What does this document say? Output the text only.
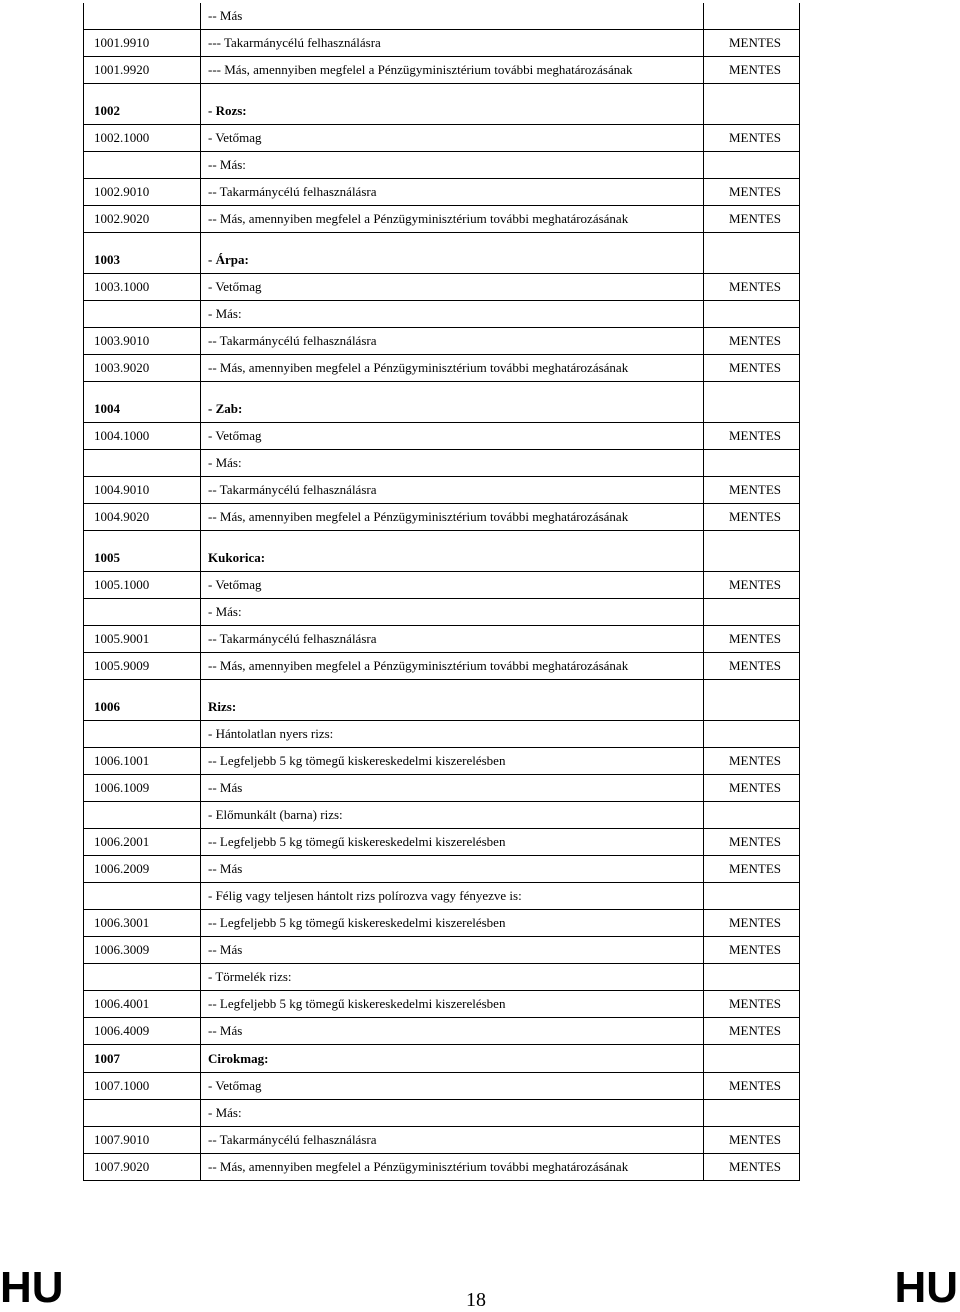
	-- Más	
1001.9910	--- Takarmánycélú felhasználásra	MENTES
1001.9920	--- Más, amennyiben megfelel a Pénzügyminisztérium további meghatározásának	MENTES
1002	- Rozs:	
1002.1000	- Vetőmag	MENTES
	-- Más:	
1002.9010	-- Takarmánycélú felhasználásra	MENTES
1002.9020	-- Más, amennyiben megfelel a Pénzügyminisztérium további meghatározásának	MENTES
1003	- Árpa:	
1003.1000	- Vetőmag	MENTES
	- Más:	
1003.9010	-- Takarmánycélú felhasználásra	MENTES
1003.9020	-- Más, amennyiben megfelel a Pénzügyminisztérium további meghatározásának	MENTES
1004	- Zab:	
1004.1000	- Vetőmag	MENTES
	- Más:	
1004.9010	-- Takarmánycélú felhasználásra	MENTES
1004.9020	-- Más, amennyiben megfelel a Pénzügyminisztérium további meghatározásának	MENTES
1005	Kukorica:	
1005.1000	- Vetőmag	MENTES
	- Más:	
1005.9001	-- Takarmánycélú felhasználásra	MENTES
1005.9009	-- Más, amennyiben megfelel a Pénzügyminisztérium további meghatározásának	MENTES
1006	Rizs:	
	- Hántolatlan nyers rizs:	
1006.1001	-- Legfeljebb 5 kg tömegű kiskereskedelmi kiszerelésben	MENTES
1006.1009	-- Más	MENTES
	- Előmunkált (barna) rizs:	
1006.2001	-- Legfeljebb 5 kg tömegű kiskereskedelmi kiszerelésben	MENTES
1006.2009	-- Más	MENTES
	- Félig vagy teljesen hántolt rizs polírozva vagy fényezve is:	
1006.3001	-- Legfeljebb 5 kg tömegű kiskereskedelmi kiszerelésben	MENTES
1006.3009	-- Más	MENTES
	- Törmelék rizs:	
1006.4001	-- Legfeljebb 5 kg tömegű kiskereskedelmi kiszerelésben	MENTES
1006.4009	-- Más	MENTES
1007	Cirokmag:	
1007.1000	- Vetőmag	MENTES
	- Más:	
1007.9010	-- Takarmánycélú felhasználásra	MENTES
1007.9020	-- Más, amennyiben megfelel a Pénzügyminisztérium további meghatározásának	MENTES
HU	18	HU
